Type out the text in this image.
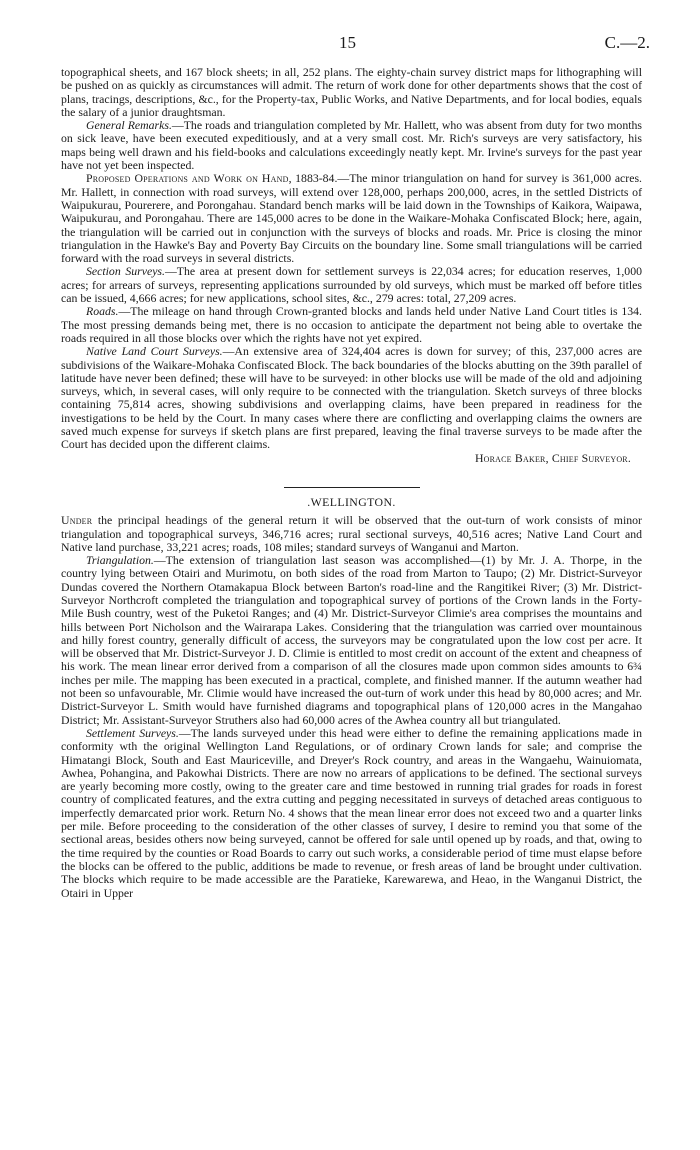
15	C.—2.

topographical sheets, and 167 block sheets; in all, 252 plans. The eighty-chain survey district maps for lithographing will be pushed on as quickly as circumstances will admit. The return of work done for other departments shows that the cost of plans, tracings, descriptions, &c., for the Property-tax, Public Works, and Native Departments, and for local bodies, equals the salary of a junior draughtsman.

General Remarks.—The roads and triangulation completed by Mr. Hallett, who was absent from duty for two months on sick leave, have been executed expeditiously, and at a very small cost. Mr. Rich's surveys are very satisfactory, his maps being well drawn and his field-books and calculations exceedingly neatly kept. Mr. Irvine's surveys for the past year have not yet been inspected.

Proposed Operations and Work on Hand, 1883-84.—The minor triangulation on hand for survey is 361,000 acres. Mr. Hallett, in connection with road surveys, will extend over 128,000, perhaps 200,000, acres, in the settled Districts of Waipukurau, Pourerere, and Porongahau. Standard bench marks will be laid down in the Townships of Kaikora, Waipawa, Waipukurau, and Porongahau. There are 145,000 acres to be done in the Waikare-Mohaka Confiscated Block; here, again, the triangulation will be carried out in conjunction with the surveys of blocks and roads. Mr. Price is closing the minor triangulation in the Hawke's Bay and Poverty Bay Circuits on the boundary line. Some small triangulations will be carried forward with the road surveys in several districts.

Section Surveys.—The area at present down for settlement surveys is 22,034 acres; for education reserves, 1,000 acres; for arrears of surveys, representing applications surrounded by old surveys, which must be marked off before titles can be issued, 4,666 acres; for new applications, school sites, &c., 279 acres: total, 27,209 acres.

Roads.—The mileage on hand through Crown-granted blocks and lands held under Native Land Court titles is 134. The most pressing demands being met, there is no occasion to anticipate the department not being able to overtake the roads required in all those blocks over which the rights have not yet expired.

Native Land Court Surveys.—An extensive area of 324,404 acres is down for survey; of this, 237,000 acres are subdivisions of the Waikare-Mohaka Confiscated Block. The back boundaries of the blocks abutting on the 39th parallel of latitude have never been defined; these will have to be surveyed: in other blocks use will be made of the old and adjoining surveys, which, in several cases, will only require to be connected with the triangulation. Sketch surveys of three blocks containing 75,814 acres, showing subdivisions and overlapping claims, have been prepared in readiness for the investigations to be held by the Court. In many cases where there are conflicting and overlapping claims the owners are saved much expense for surveys if sketch plans are first prepared, leaving the final traverse surveys to be made after the Court has decided upon the different claims.

Horace Baker, Chief Surveyor.

.WELLINGTON.

Under the principal headings of the general return it will be observed that the out-turn of work consists of minor triangulation and topographical surveys, 346,716 acres; rural sectional surveys, 40,516 acres; Native Land Court and Native land purchase, 33,221 acres; roads, 108 miles; standard surveys of Wanganui and Marton.

Triangulation.—The extension of triangulation last season was accomplished—(1) by Mr. J. A. Thorpe, in the country lying between Otairi and Murimotu, on both sides of the road from Marton to Taupo; (2) Mr. District-Surveyor Dundas covered the Northern Otamakapua Block between Barton's road-line and the Rangitikei River; (3) Mr. District-Surveyor Northcroft completed the triangulation and topographical survey of portions of the Crown lands in the Forty-Mile Bush country, west of the Puketoi Ranges; and (4) Mr. District-Surveyor Climie's area comprises the mountains and hills between Port Nicholson and the Wairarapa Lakes. Considering that the triangulation was carried over mountainous and hilly forest country, generally difficult of access, the surveyors may be congratulated upon the low cost per acre. It will be observed that Mr. District-Surveyor J. D. Climie is entitled to most credit on account of the extent and cheapness of his work. The mean linear error derived from a comparison of all the closures made upon common sides amounts to 6¾ inches per mile. The mapping has been executed in a practical, complete, and finished manner. If the autumn weather had not been so unfavourable, Mr. Climie would have increased the out-turn of work under this head by 80,000 acres; and Mr. District-Surveyor L. Smith would have furnished diagrams and topographical plans of 120,000 acres in the Mangahao District; Mr. Assistant-Surveyor Struthers also had 60,000 acres of the Awhea country all but triangulated.

Settlement Surveys.—The lands surveyed under this head were either to define the remaining applications made in conformity wth the original Wellington Land Regulations, or of ordinary Crown lands for sale; and comprise the Himatangi Block, South and East Mauriceville, and Dreyer's Rock country, and areas in the Wangaehu, Wainuiomata, Awhea, Pohangina, and Pakowhai Districts. There are now no arrears of applications to be defined. The sectional surveys are yearly becoming more costly, owing to the greater care and time bestowed in running trial grades for roads in forest country of complicated features, and the extra cutting and pegging necessitated in surveys of detached areas contiguous to imperfectly demarcated prior work. Return No. 4 shows that the mean linear error does not exceed two and a quarter links per mile. Before proceeding to the consideration of the other classes of survey, I desire to remind you that some of the sectional areas, besides others now being surveyed, cannot be offered for sale until opened up by roads, and that, owing to the time required by the counties or Road Boards to carry out such works, a considerable period of time must elapse before the blocks can be offered to the public, additions be made to revenue, or fresh areas of land be brought under cultivation. The blocks which require to be made accessible are the Paratieke, Karewarewa, and Heao, in the Wanganui District, the Otairi in Upper
